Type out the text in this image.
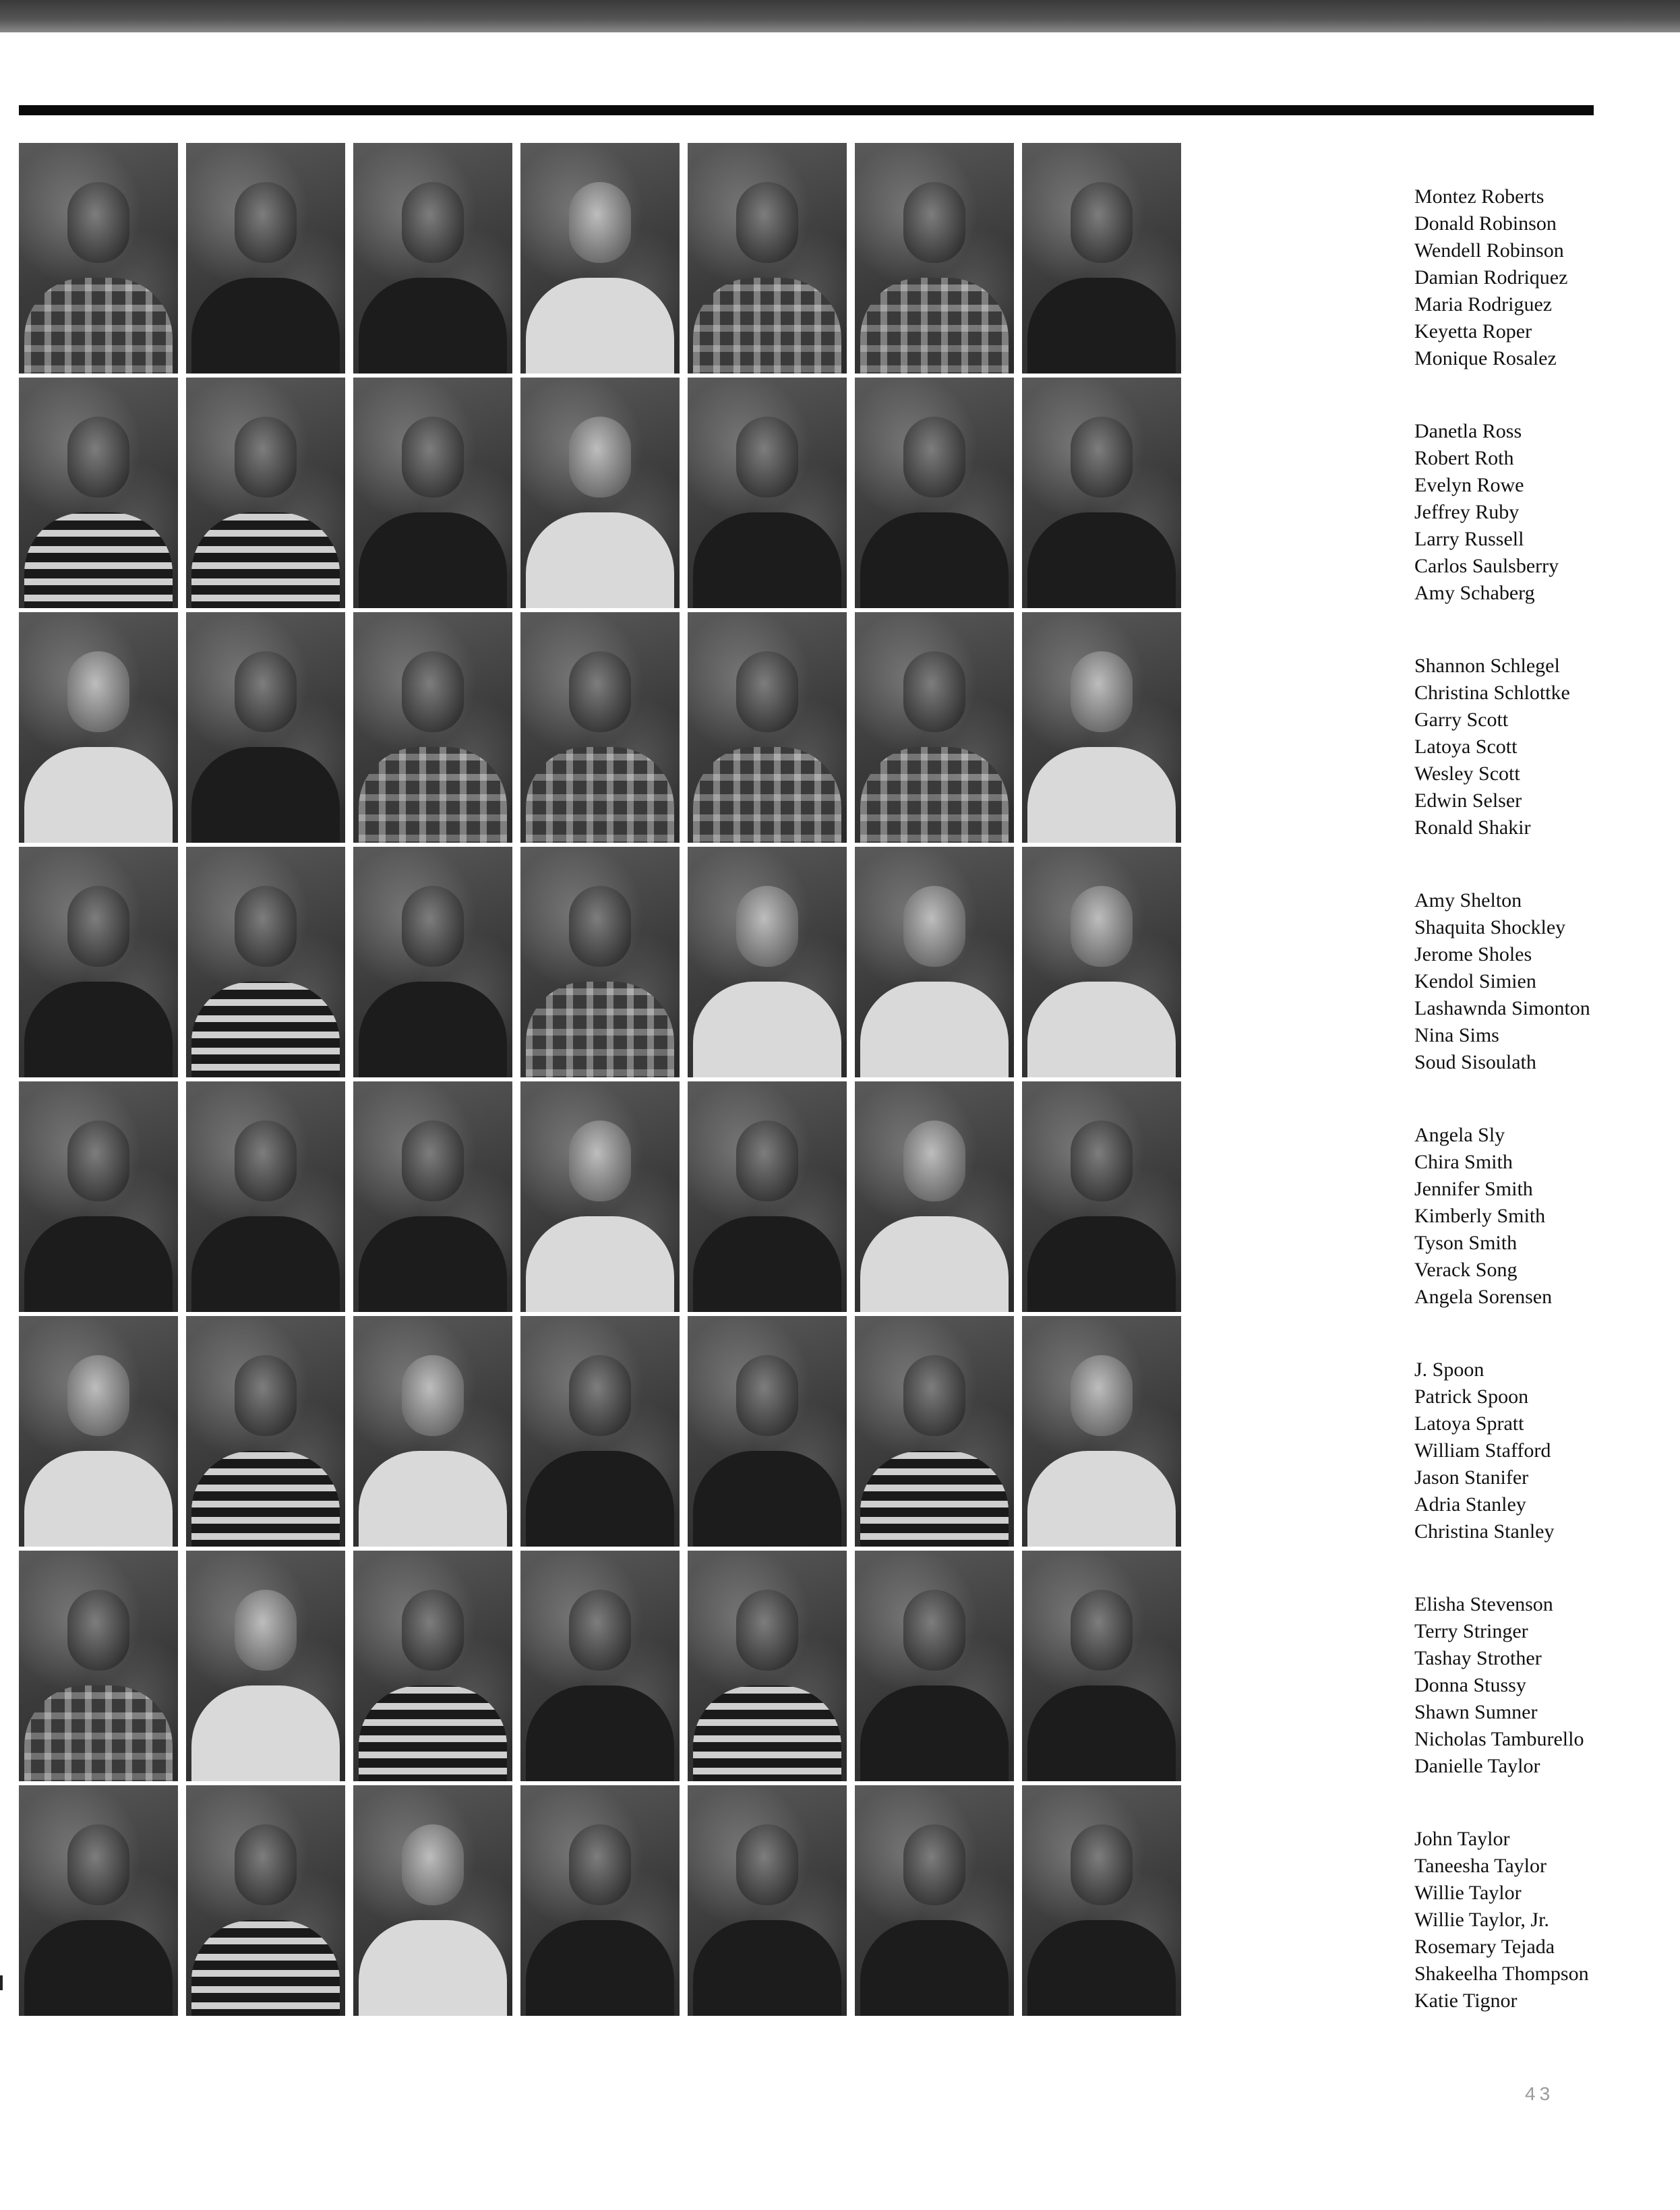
Montez Roberts
Donald Robinson
Wendell Robinson
Damian Rodriquez
Maria Rodriguez
Keyetta Roper
Monique Rosalez
Danetla Ross
Robert Roth
Evelyn Rowe
Jeffrey Ruby
Larry Russell
Carlos Saulsberry
Amy Schaberg
Shannon Schlegel
Christina Schlottke
Garry Scott
Latoya Scott
Wesley Scott
Edwin Selser
Ronald Shakir
Amy Shelton
Shaquita Shockley
Jerome Sholes
Kendol Simien
Lashawnda Simonton
Nina Sims
Soud Sisoulath
Angela Sly
Chira Smith
Jennifer Smith
Kimberly Smith
Tyson Smith
Verack Song
Angela Sorensen
J. Spoon
Patrick Spoon
Latoya Spratt
William Stafford
Jason Stanifer
Adria Stanley
Christina Stanley
Elisha Stevenson
Terry Stringer
Tashay Strother
Donna Stussy
Shawn Sumner
Nicholas Tamburello
Danielle Taylor
John Taylor
Taneesha Taylor
Willie Taylor
Willie Taylor, Jr.
Rosemary Tejada
Shakeelha Thompson
Katie Tignor
43
